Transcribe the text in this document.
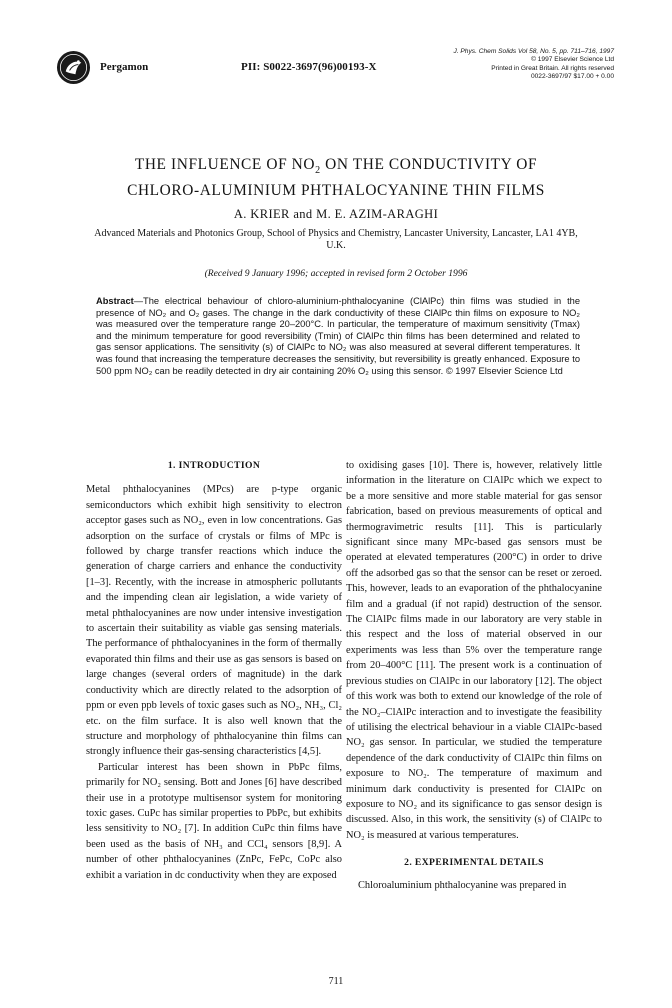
Pergamon	PII: S0022-3697(96)00193-X
J. Phys. Chem Solids Vol 58, No. 5, pp. 711–716, 1997
© 1997 Elsevier Science Ltd
Printed in Great Britain. All rights reserved
0022-3697/97 $17.00 + 0.00
THE INFLUENCE OF $NO_2$ ON THE CONDUCTIVITY OF
CHLORO-ALUMINIUM PHTHALOCYANINE THIN FILMS
A. KRIER and M. E. AZIM-ARAGHI
Advanced Materials and Photonics Group, School of Physics and Chemistry, Lancaster University, Lancaster, LA1 4YB, U.K.
(Received 9 January 1996; accepted in revised form 2 October 1996
Abstract—The electrical behaviour of chloro-aluminium-phthalocyanine (ClAlPc) thin films was studied in the presence of NO₂ and O₂ gases. The change in the dark conductivity of these ClAlPc thin films on exposure to NO₂ was measured over the temperature range 20–200°C. In particular, the temperature of maximum sensitivity (Tmax) and the minimum temperature for good reversibility (Tmin) of ClAlPc thin films has been determined and related to gas sensor applications. The sensitivity (s) of ClAlPc to NO₂ was also measured at several different temperatures. It was found that increasing the temperature decreases the sensitivity, but reversibility is greatly enhanced. Exposure to 500 ppm NO₂ can be readily detected in dry air containing 20% O₂ using this sensor. © 1997 Elsevier Science Ltd
1. INTRODUCTION

Metal phthalocyanines (MPcs) are p-type organic semiconductors which exhibit high sensitivity to electron acceptor gases such as NO₂, even in low concentrations. Gas adsorption on the surface of crystals or films of MPc is followed by charge transfer reactions which induce the generation of charge carriers and enhance the conductivity [1–3]. Recently, with the increase in atmospheric pollutants and the impending clean air legislation, a wide variety of metal phthalocyanines are now under intensive investigation to ascertain their suitability as viable gas sensing materials. The performance of phthalocyanines in the form of thermally evaporated thin films and their use as gas sensors is based on large changes (several orders of magnitude) in the dark conductivity which are directly related to the adsorption of ppm or even ppb levels of toxic gases such as NO₂, NH₃, Cl₂ etc. on the film surface. It is also well known that the structure and morphology of phthalocyanine thin films can strongly influence their gas-sensing characteristics [4,5].

Particular interest has been shown in PbPc films, primarily for NO₂ sensing. Bott and Jones [6] have described their use in a prototype multisensor system for monitoring toxic gases. CuPc has similar properties to PbPc, but exhibits less sensitivity to NO₂ [7]. In addition CuPc thin films have been used as the basis of NH₃ and CCl₄ sensors [8,9]. A number of other phthalocyanines (ZnPc, FePc, CoPc also exhibit a variation in dc conductivity when they are exposed

to oxidising gases [10]. There is, however, relatively little information in the literature on ClAlPc which we expect to be a more sensitive and more stable material for gas sensor fabrication, based on previous measurements of optical and thermogravimetric results [11]. This is particularly significant since many MPc-based gas sensors must be operated at elevated temperatures (200°C) in order to drive off the adsorbed gas so that the sensor can be reset or zeroed. This, however, leads to an evaporation of the phthalocyanine film and a gradual (if not rapid) destruction of the sensor. The ClAlPc films made in our laboratory are very stable in this respect and the loss of material observed in our experiments was less than 5% over the temperature range from 20–400°C [11]. The present work is a continuation of previous studies on ClAlPc in our laboratory [12]. The object of this work was both to extend our knowledge of the role of the NO₂–ClAlPc interaction and to investigate the feasibility of utilising the electrical behaviour in a viable ClAlPc-based NO₂ gas sensor. In particular, we studied the temperature dependence of the dark conductivity of ClAlPc thin films on exposure to NO₂. The temperature of maximum and minimum dark conductivity is presented for ClAlPc on exposure to NO₂ and its significance to gas sensor design is discussed. Also, in this work, the sensitivity (s) of ClAlPc to NO₂ is measured at various temperatures.

2. EXPERIMENTAL DETAILS

Chloroaluminium phthalocyanine was prepared in

711
